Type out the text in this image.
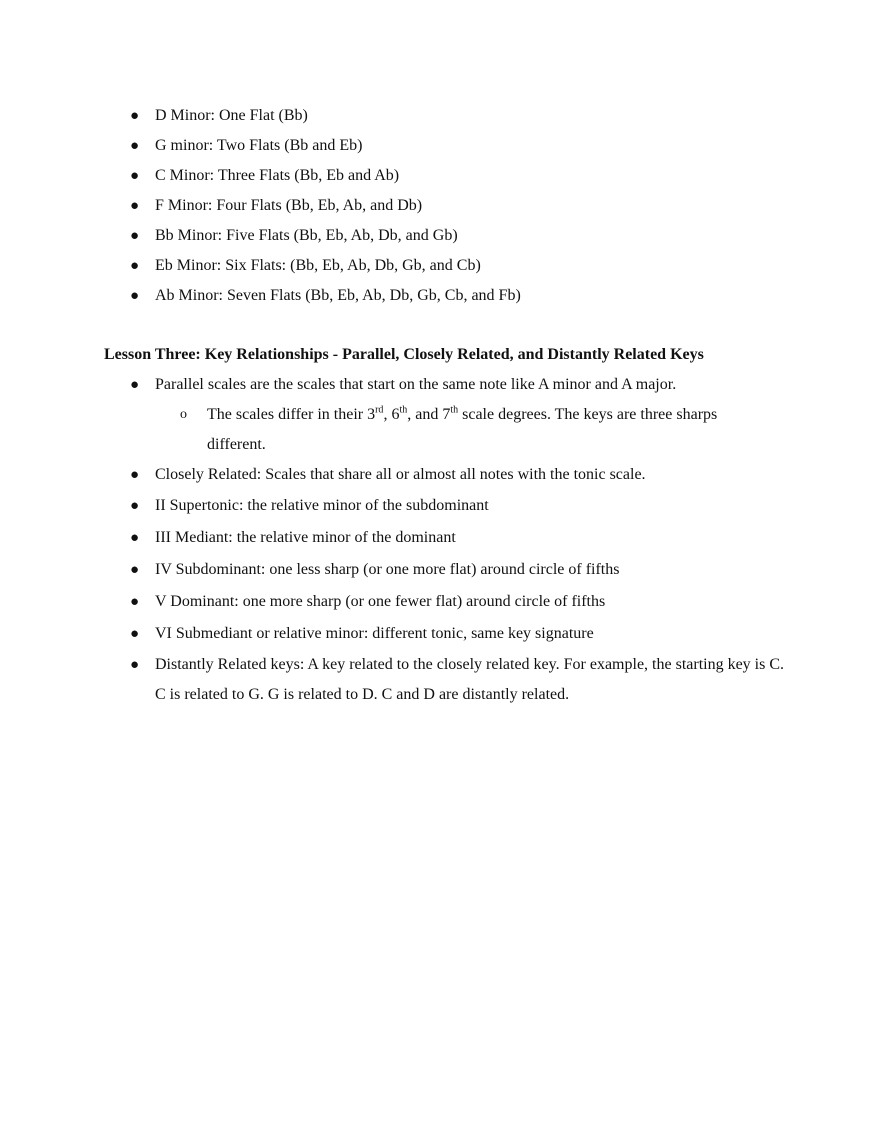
● D Minor: One Flat (Bb)
● G minor: Two Flats (Bb and Eb)
● C Minor: Three Flats (Bb, Eb and Ab)
● F Minor: Four Flats (Bb, Eb, Ab, and Db)
● Bb Minor: Five Flats (Bb, Eb, Ab, Db, and Gb)
● Eb Minor: Six Flats: (Bb, Eb, Ab, Db, Gb, and Cb)
● Ab Minor: Seven Flats (Bb, Eb, Ab, Db, Gb, Cb, and Fb)
Lesson Three: Key Relationships - Parallel, Closely Related, and Distantly Related Keys
● Parallel scales are the scales that start on the same note like A minor and A major.
o The scales differ in their 3rd, 6th, and 7th scale degrees. The keys are three sharps different.
● Closely Related: Scales that share all or almost all notes with the tonic scale.
● II Supertonic: the relative minor of the subdominant
● III Mediant: the relative minor of the dominant
● IV Subdominant: one less sharp (or one more flat) around circle of fifths
● V Dominant: one more sharp (or one fewer flat) around circle of fifths
● VI Submediant or relative minor: different tonic, same key signature
● Distantly Related keys: A key related to the closely related key. For example, the starting key is C. C is related to G. G is related to D. C and D are distantly related.
